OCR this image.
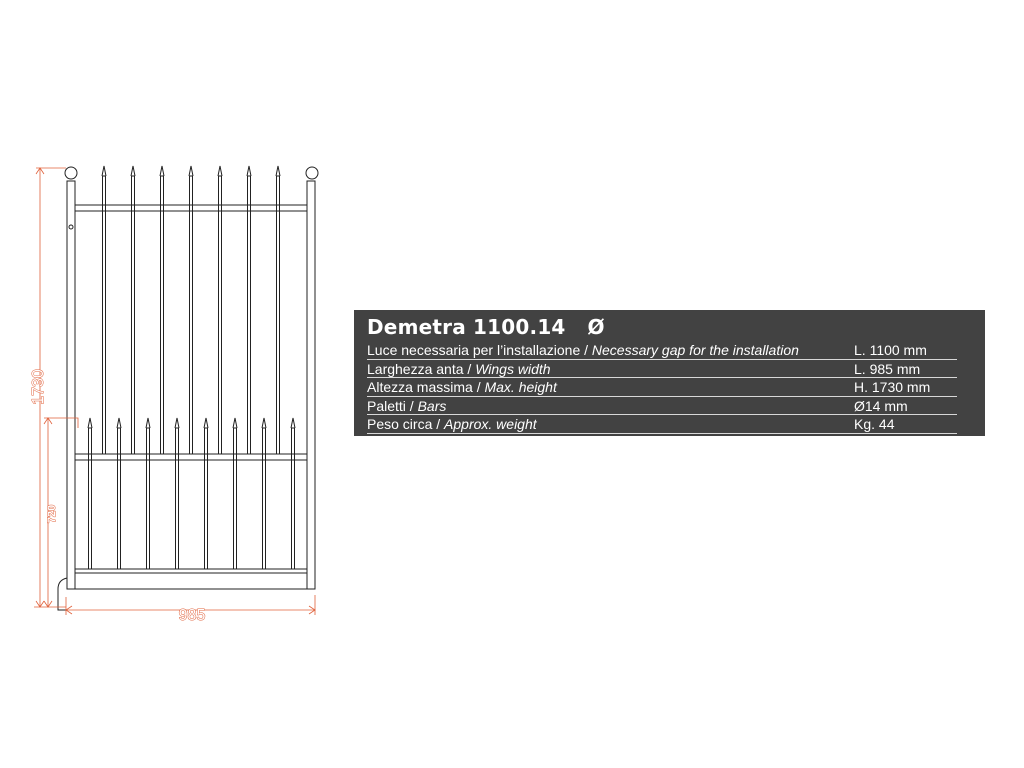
1730
720
985
Demetra 1100.14 Ø
Luce necessaria per l’installazione / Necessary gap for the installation	L. 1100 mm
Larghezza anta / Wings width	L. 985 mm
Altezza massima / Max. height	H. 1730 mm
Paletti / Bars	Ø14 mm
Peso circa / Approx. weight	Kg. 44
